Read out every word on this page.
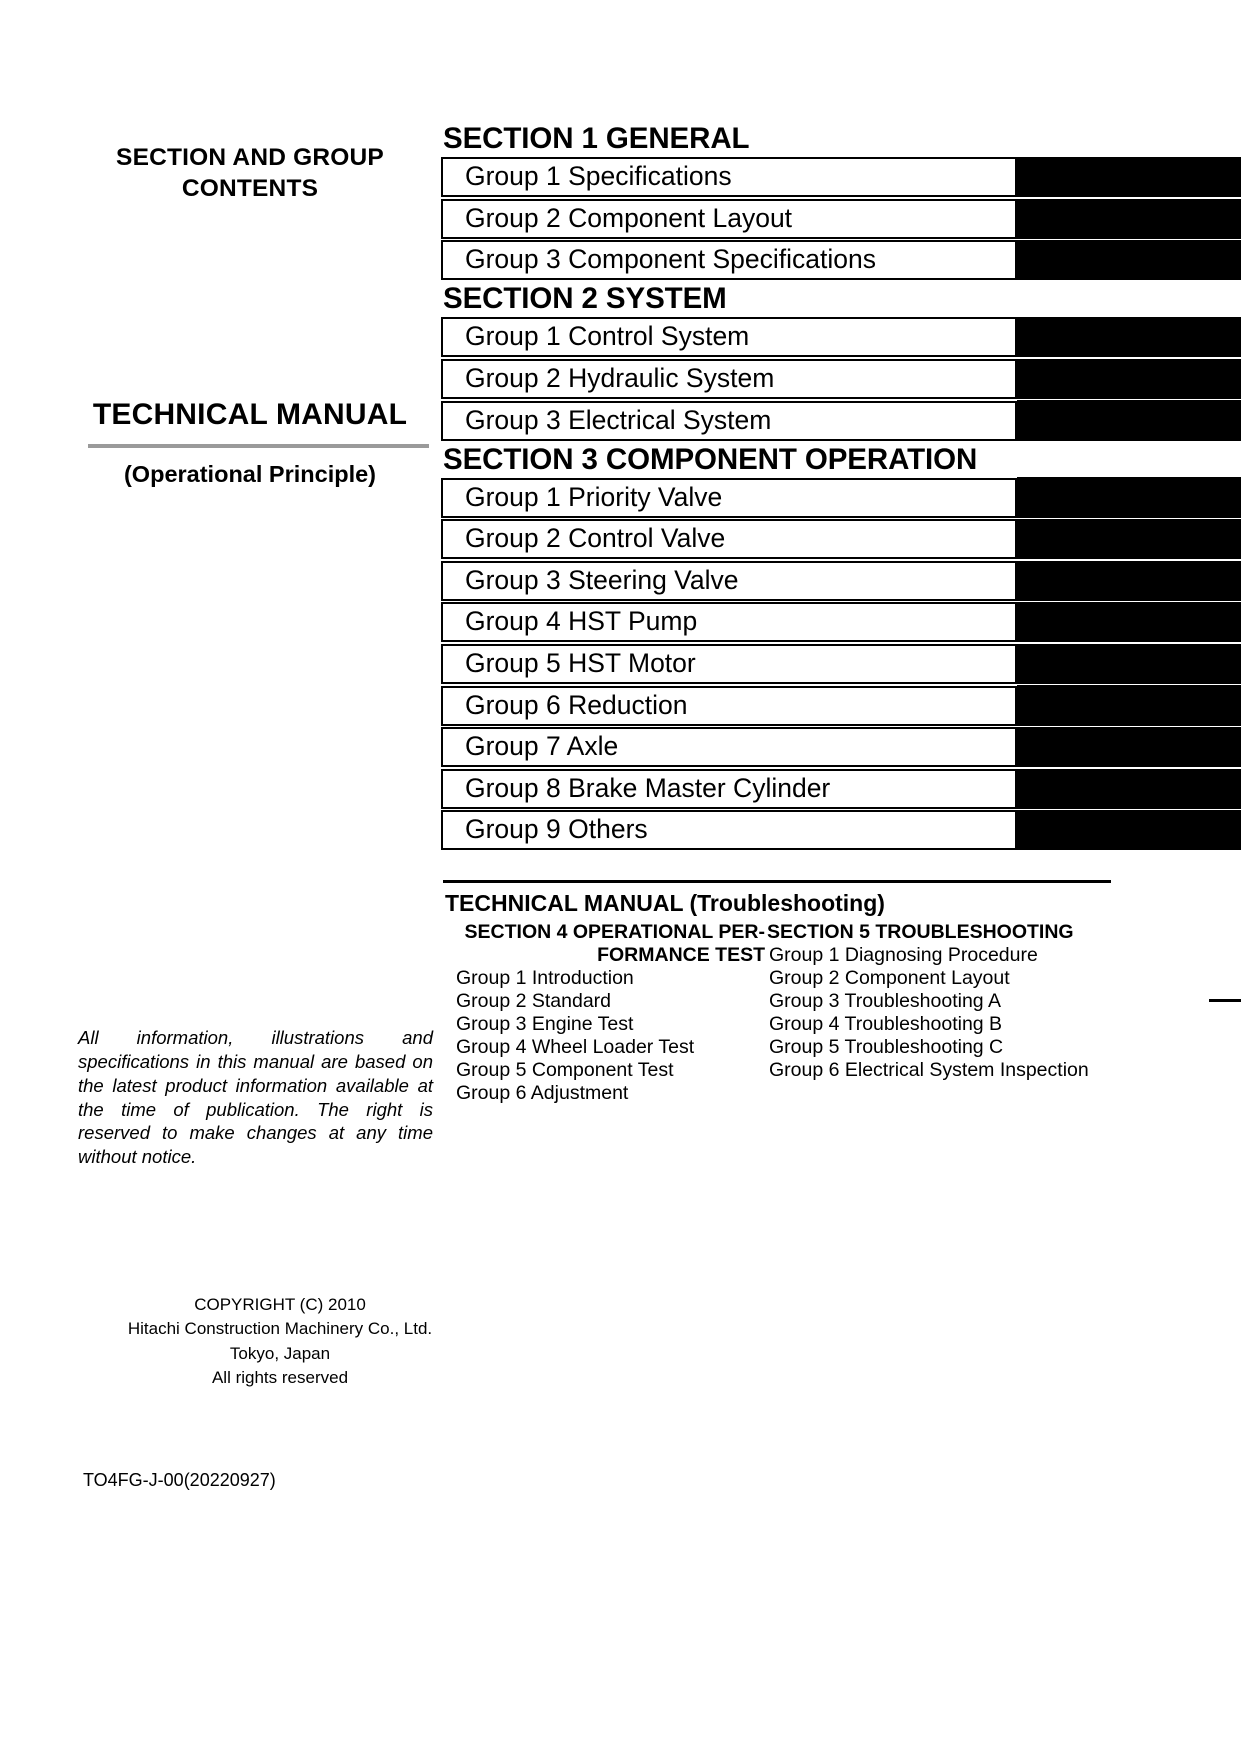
SECTION AND GROUP
CONTENTS
TECHNICAL MANUAL
(Operational Principle)
All information, illustrations and specifications in this manual are based on the latest product information available at the time of publication. The right is reserved to make changes at any time without notice.
COPYRIGHT (C) 2010
Hitachi Construction Machinery Co., Ltd.
Tokyo, Japan
All rights reserved
TO4FG-J-00(20220927)
SECTION 1 GENERAL
Group 1 Specifications
Group 2 Component Layout
Group 3 Component Specifications
SECTION 2 SYSTEM
Group 1 Control System
Group 2 Hydraulic System
Group 3 Electrical System
SECTION 3 COMPONENT OPERATION
Group 1 Priority Valve
Group 2 Control Valve
Group 3 Steering Valve
Group 4 HST Pump
Group 5 HST Motor
Group 6 Reduction
Group 7 Axle
Group 8 Brake Master Cylinder
Group 9 Others
TECHNICAL MANUAL (Troubleshooting)
SECTION 4 OPERATIONAL PER-
FORMANCE TEST
Group 1 Introduction
Group 2 Standard
Group 3 Engine Test
Group 4 Wheel Loader Test
Group 5 Component Test
Group 6 Adjustment
SECTION 5 TROUBLESHOOTING
Group 1 Diagnosing Procedure
Group 2 Component Layout
Group 3 Troubleshooting A
Group 4 Troubleshooting B
Group 5 Troubleshooting C
Group 6 Electrical System Inspection
